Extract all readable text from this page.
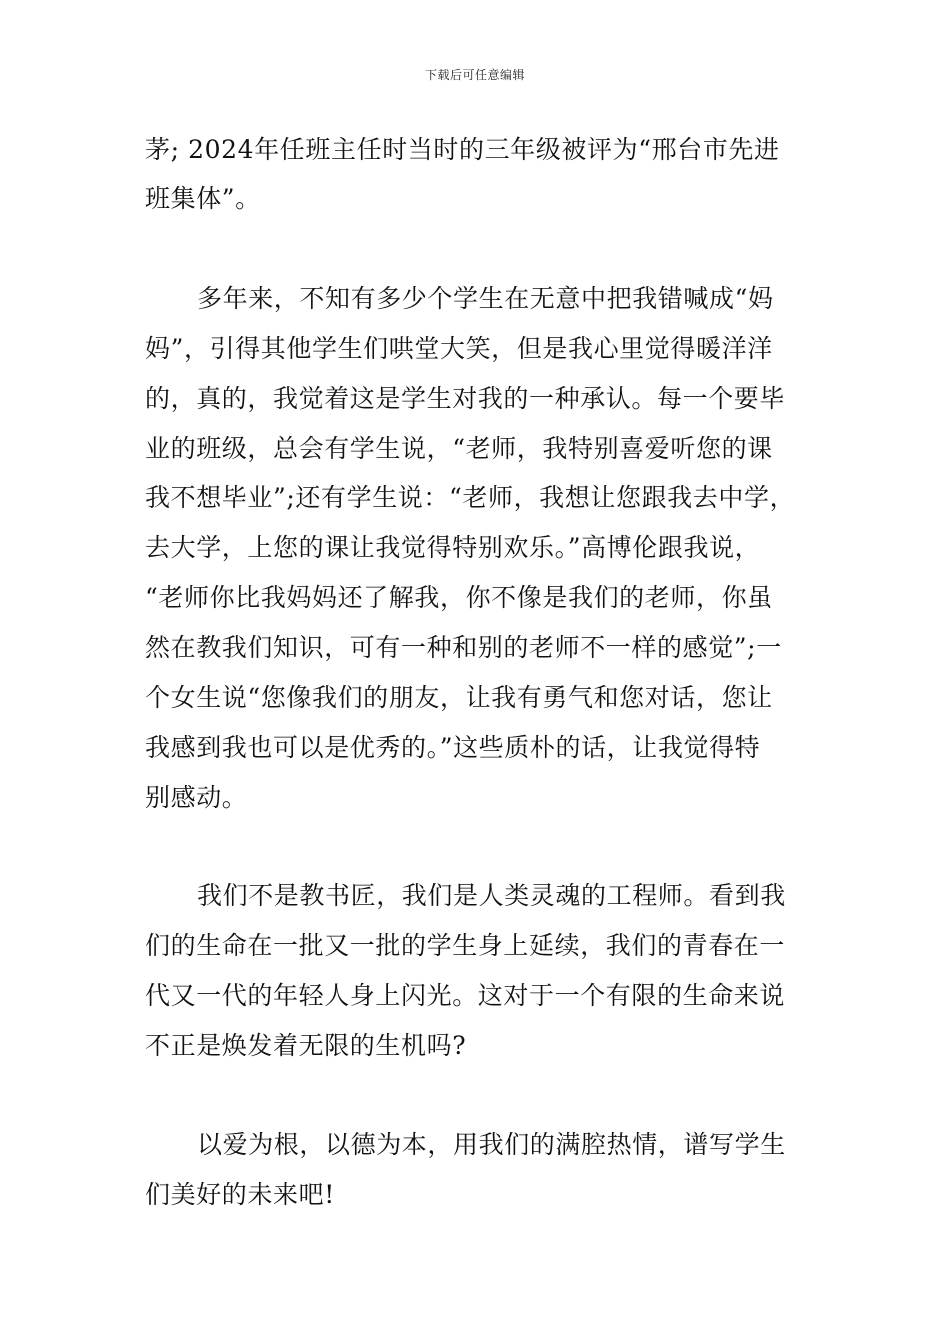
下载后可任意编辑
茅; 2024年任班主任时当时的三年级被评为“邢台市先进
班集体”。
多年来，不知有多少个学生在无意中把我错喊成“妈
妈”，引得其他学生们哄堂大笑，但是我心里觉得暖洋洋
的，真的，我觉着这是学生对我的一种承认。每一个要毕
业的班级，总会有学生说，“老师，我特别喜爱听您的课
我不想毕业”;还有学生说：“老师，我想让您跟我去中学，
去大学，上您的课让我觉得特别欢乐。”高博伦跟我说，
“老师你比我妈妈还了解我，你不像是我们的老师，你虽
然在教我们知识，可有一种和别的老师不一样的感觉”;一
个女生说“您像我们的朋友，让我有勇气和您对话，您让
我感到我也可以是优秀的。”这些质朴的话，让我觉得特
别感动。
我们不是教书匠，我们是人类灵魂的工程师。看到我
们的生命在一批又一批的学生身上延续，我们的青春在一
代又一代的年轻人身上闪光。这对于一个有限的生命来说
不正是焕发着无限的生机吗?
以爱为根，以德为本，用我们的满腔热情，谱写学生
们美好的未来吧!
